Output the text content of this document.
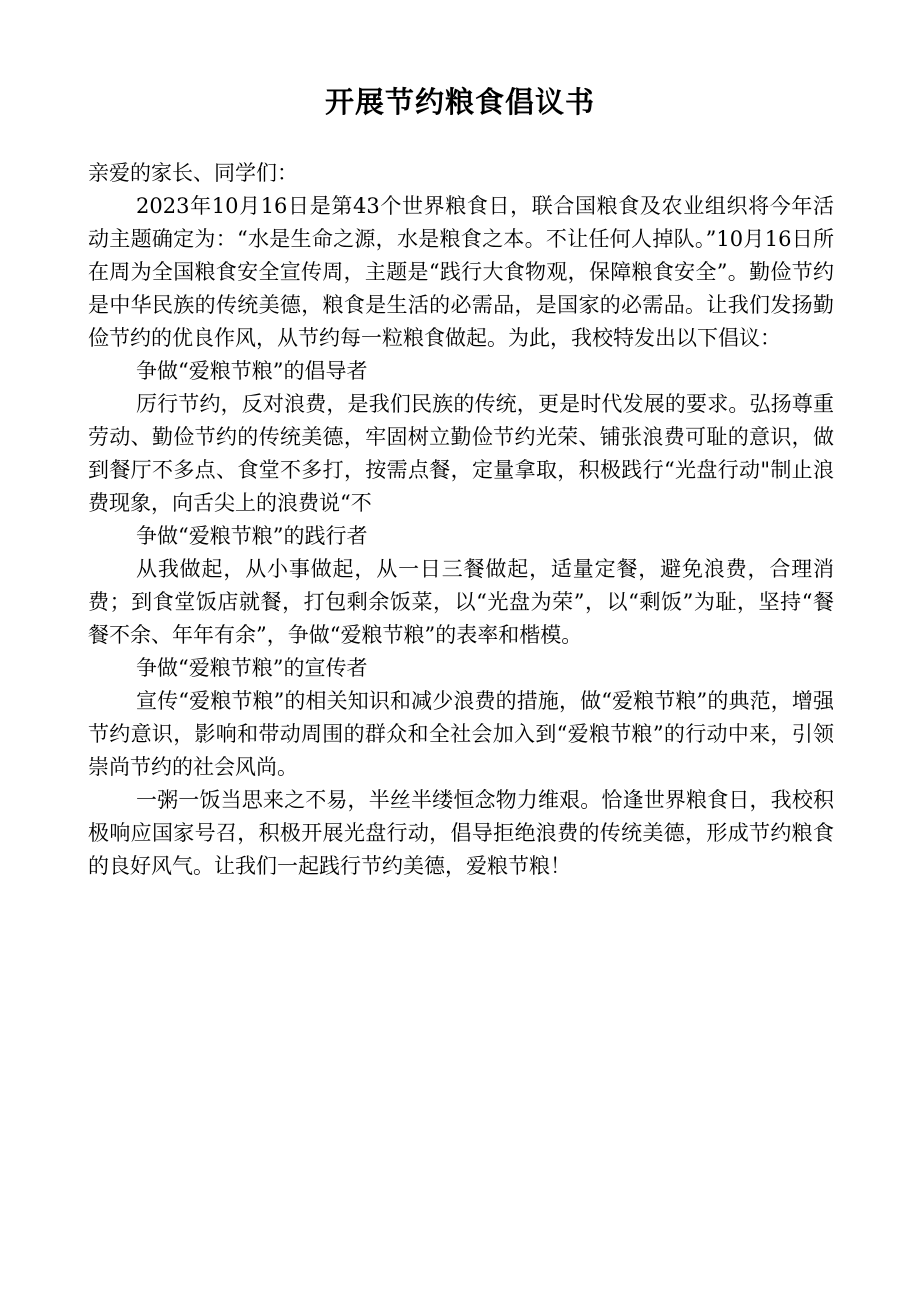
开展节约粮食倡议书

亲爱的家长、同学们：

2023年10月16日是第43个世界粮食日，联合国粮食及农业组织将今年活动主题确定为：“水是生命之源，水是粮食之本。不让任何人掉队。”10月16日所在周为全国粮食安全宣传周，主题是“践行大食物观，保障粮食安全”。勤俭节约是中华民族的传统美德，粮食是生活的必需品，是国家的必需品。让我们发扬勤俭节约的优良作风，从节约每一粒粮食做起。为此，我校特发出以下倡议：

争做“爱粮节粮”的倡导者

厉行节约，反对浪费，是我们民族的传统，更是时代发展的要求。弘扬尊重劳动、勤俭节约的传统美德，牢固树立勤俭节约光荣、铺张浪费可耻的意识，做到餐厅不多点、食堂不多打，按需点餐，定量拿取，积极践行“光盘行动"制止浪费现象，向舌尖上的浪费说“不

争做“爱粮节粮”的践行者

从我做起，从小事做起，从一日三餐做起，适量定餐，避免浪费，合理消费；到食堂饭店就餐，打包剩余饭菜，以“光盘为荣”，以“剩饭”为耻，坚持“餐餐不余、年年有余”，争做“爱粮节粮”的表率和楷模。

争做“爱粮节粮”的宣传者

宣传“爱粮节粮”的相关知识和减少浪费的措施，做“爱粮节粮”的典范，增强节约意识，影响和带动周围的群众和全社会加入到“爱粮节粮”的行动中来，引领崇尚节约的社会风尚。

一粥一饭当思来之不易，半丝半缕恒念物力维艰。恰逢世界粮食日，我校积极响应国家号召，积极开展光盘行动，倡导拒绝浪费的传统美德，形成节约粮食的良好风气。让我们一起践行节约美德，爱粮节粮！
